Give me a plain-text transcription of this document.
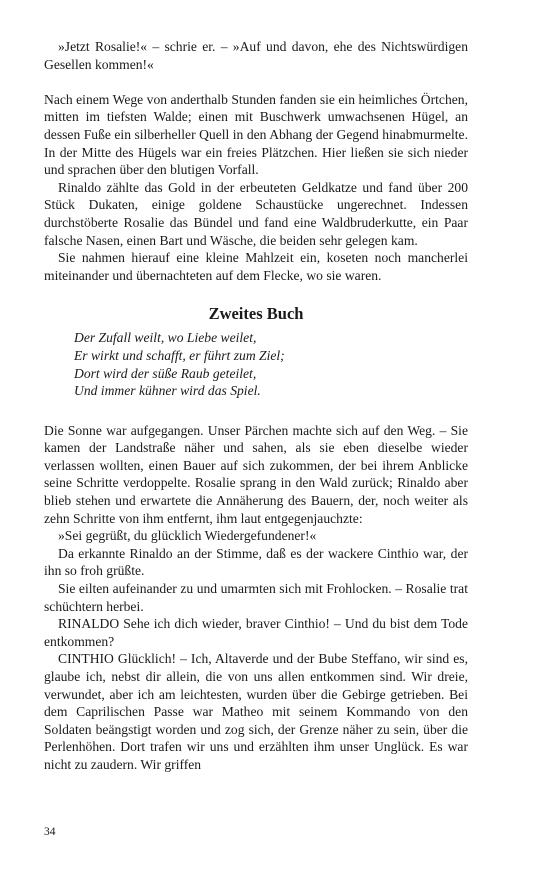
»Jetzt Rosalie!« – schrie er. – »Auf und davon, ehe des Nichtswürdigen Gesellen kommen!«

Nach einem Wege von anderthalb Stunden fanden sie ein heimliches Örtchen, mitten im tiefsten Walde; einen mit Buschwerk umwachsenen Hügel, an dessen Fuße ein silberheller Quell in den Abhang der Gegend hinabmurmelte. In der Mitte des Hügels war ein freies Plätzchen. Hier ließen sie sich nieder und sprachen über den blutigen Vorfall.

Rinaldo zählte das Gold in der erbeuteten Geldkatze und fand über 200 Stück Dukaten, einige goldene Schaustücke ungerechnet. Indessen durchstöberte Rosalie das Bündel und fand eine Waldbruderkutte, ein Paar falsche Nasen, einen Bart und Wäsche, die beiden sehr gelegen kam.

Sie nahmen hierauf eine kleine Mahlzeit ein, koseten noch mancherlei miteinander und übernachteten auf dem Flecke, wo sie waren.

Zweites Buch
Der Zufall weilt, wo Liebe weilet,
Er wirkt und schafft, er führt zum Ziel;
Dort wird der süße Raub geteilet,
Und immer kühner wird das Spiel.

Die Sonne war aufgegangen. Unser Pärchen machte sich auf den Weg. – Sie kamen der Landstraße näher und sahen, als sie eben dieselbe wieder verlassen wollten, einen Bauer auf sich zukommen, der bei ihrem Anblicke seine Schritte verdoppelte. Rosalie sprang in den Wald zurück; Rinaldo aber blieb stehen und erwartete die Annäherung des Bauern, der, noch weiter als zehn Schritte von ihm entfernt, ihm laut entgegenjauchzte:

»Sei gegrüßt, du glücklich Wiedergefundener!«

Da erkannte Rinaldo an der Stimme, daß es der wackere Cinthio war, der ihn so froh grüßte.

Sie eilten aufeinander zu und umarmten sich mit Frohlocken. – Rosalie trat schüchtern herbei.

RINALDO Sehe ich dich wieder, braver Cinthio! – Und du bist dem Tode entkommen?

CINTHIO Glücklich! – Ich, Altaverde und der Bube Steffano, wir sind es, glaube ich, nebst dir allein, die von uns allen entkommen sind. Wir dreie, verwundet, aber ich am leichtesten, wurden über die Gebirge getrieben. Bei dem Caprilischen Passe war Matheo mit seinem Kommando von den Soldaten beängstigt worden und zog sich, der Grenze näher zu sein, über die Perlenhöhen. Dort trafen wir uns und erzählten ihm unser Unglück. Es war nicht zu zaudern. Wir griffen

34
